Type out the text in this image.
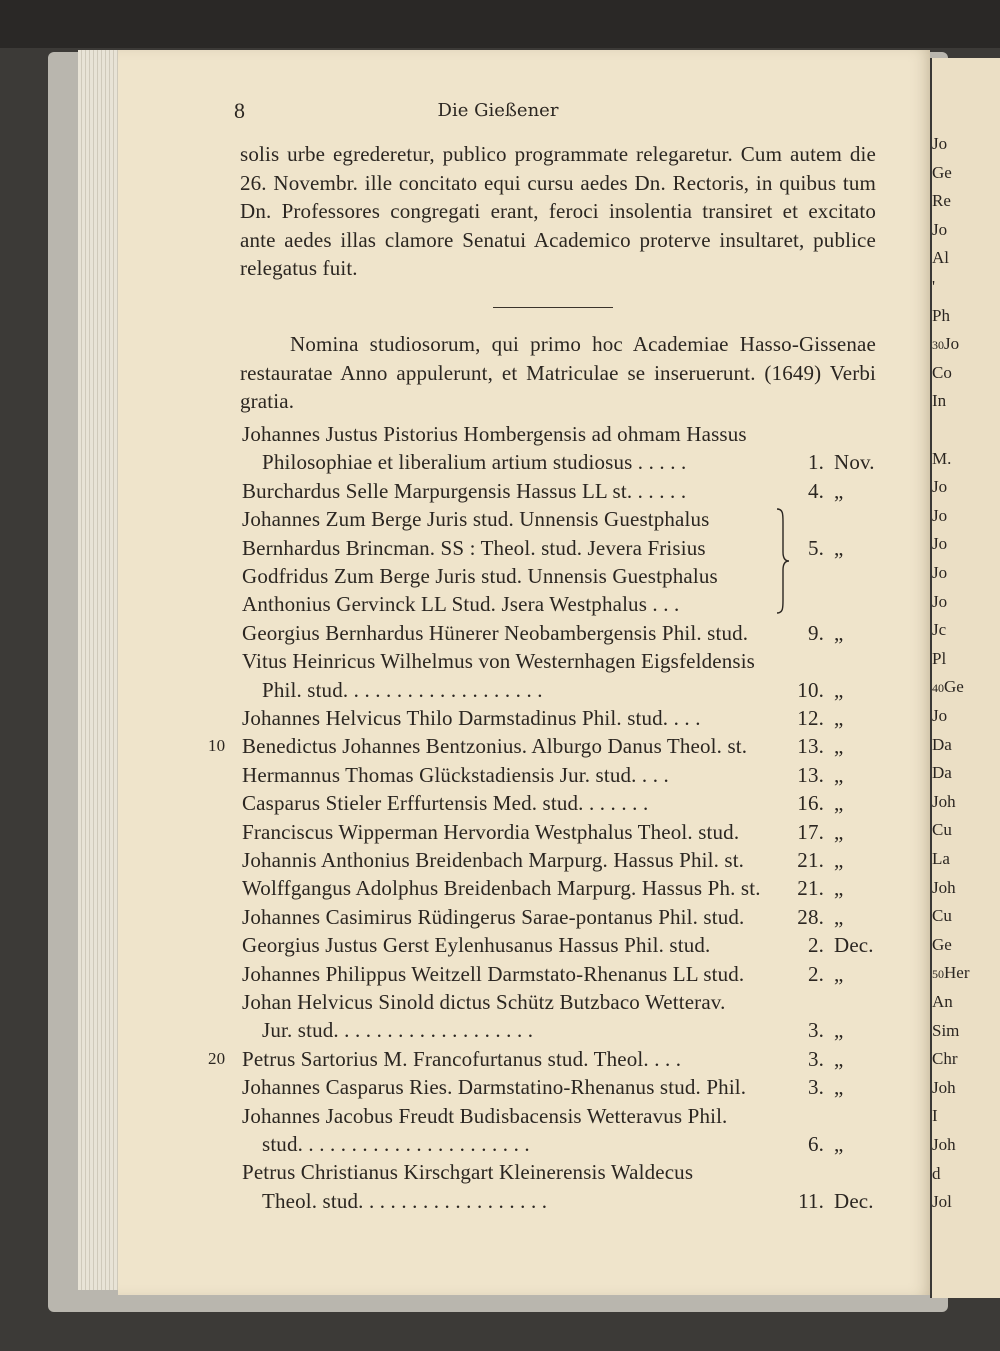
Jo
Ge
Re
Jo
Al
'
Ph
30Jo
Co
In
M.
Jo
Jo
Jo
Jo
Jo
Jc
Pl
40Ge
Jo
Da
Da
Joh
Cu
La
Joh
Cu
Ge
50Her
An
Sim
Chr
Joh
I
Joh
d
Jol
8	Die Gießener
solis urbe egrederetur, publico programmate relegaretur. Cum autem die 26. Novembr. ille concitato equi cursu aedes Dn. Rectoris, in quibus tum Dn. Professores congregati erant, feroci insolentia transiret et excitato ante aedes illas clamore Senatui Academico proterve insultaret, publice relegatus fuit.
Nomina studiosorum, qui primo hoc Academiae Hasso-Gissenae restauratae Anno appulerunt, et Matriculae se inseruerunt. (1649) Verbi gratia.
Johannes Justus Pistorius Hombergensis ad ohmam Hassus
Philosophiae et liberalium artium studiosus . . . . .	1. Nov.
Burchardus Selle Marpurgensis Hassus LL st. . . . . .	4. „
Johannes Zum Berge Juris stud. Unnensis Guestphalus
Bernhardus Brincman. SS : Theol. stud. Jevera Frisius	5. „
Godfridus Zum Berge Juris stud. Unnensis Guestphalus
Anthonius Gervinck LL Stud. Jsera Westphalus . . .
Georgius Bernhardus Hünerer Neobambergensis Phil. stud.	9. „
Vitus Heinricus Wilhelmus von Westernhagen Eigsfeldensis
Phil. stud. . . . . . . . . . . . . . . . . . .	10. „
Johannes Helvicus Thilo Darmstadinus Phil. stud. . . .	12. „
10 Benedictus Johannes Bentzonius. Alburgo Danus Theol. st.	13. „
Hermannus Thomas Glückstadiensis Jur. stud. . . .	13. „
Casparus Stieler Erffurtensis Med. stud. . . . . . .	16. „
Franciscus Wipperman Hervordia Westphalus Theol. stud.	17. „
Johannis Anthonius Breidenbach Marpurg. Hassus Phil. st.	21. „
Wolffgangus Adolphus Breidenbach Marpurg. Hassus Ph. st.	21. „
Johannes Casimirus Rüdingerus Sarae-pontanus Phil. stud.	28. „
Georgius Justus Gerst Eylenhusanus Hassus Phil. stud.	2. Dec.
Johannes Philippus Weitzell Darmstato-Rhenanus LL stud.	2. „
Johan Helvicus Sinold dictus Schütz Butzbaco Wetterav.
Jur. stud. . . . . . . . . . . . . . . . . . .	3. „
20 Petrus Sartorius M. Francofurtanus stud. Theol. . . .	3. „
Johannes Casparus Ries. Darmstatino-Rhenanus stud. Phil.	3. „
Johannes Jacobus Freudt Budisbacensis Wetteravus Phil.
stud. . . . . . . . . . . . . . . . . . . . . .	6. „
Petrus Christianus Kirschgart Kleinerensis Waldecus
Theol. stud. . . . . . . . . . . . . . . . . .	11. Dec.
